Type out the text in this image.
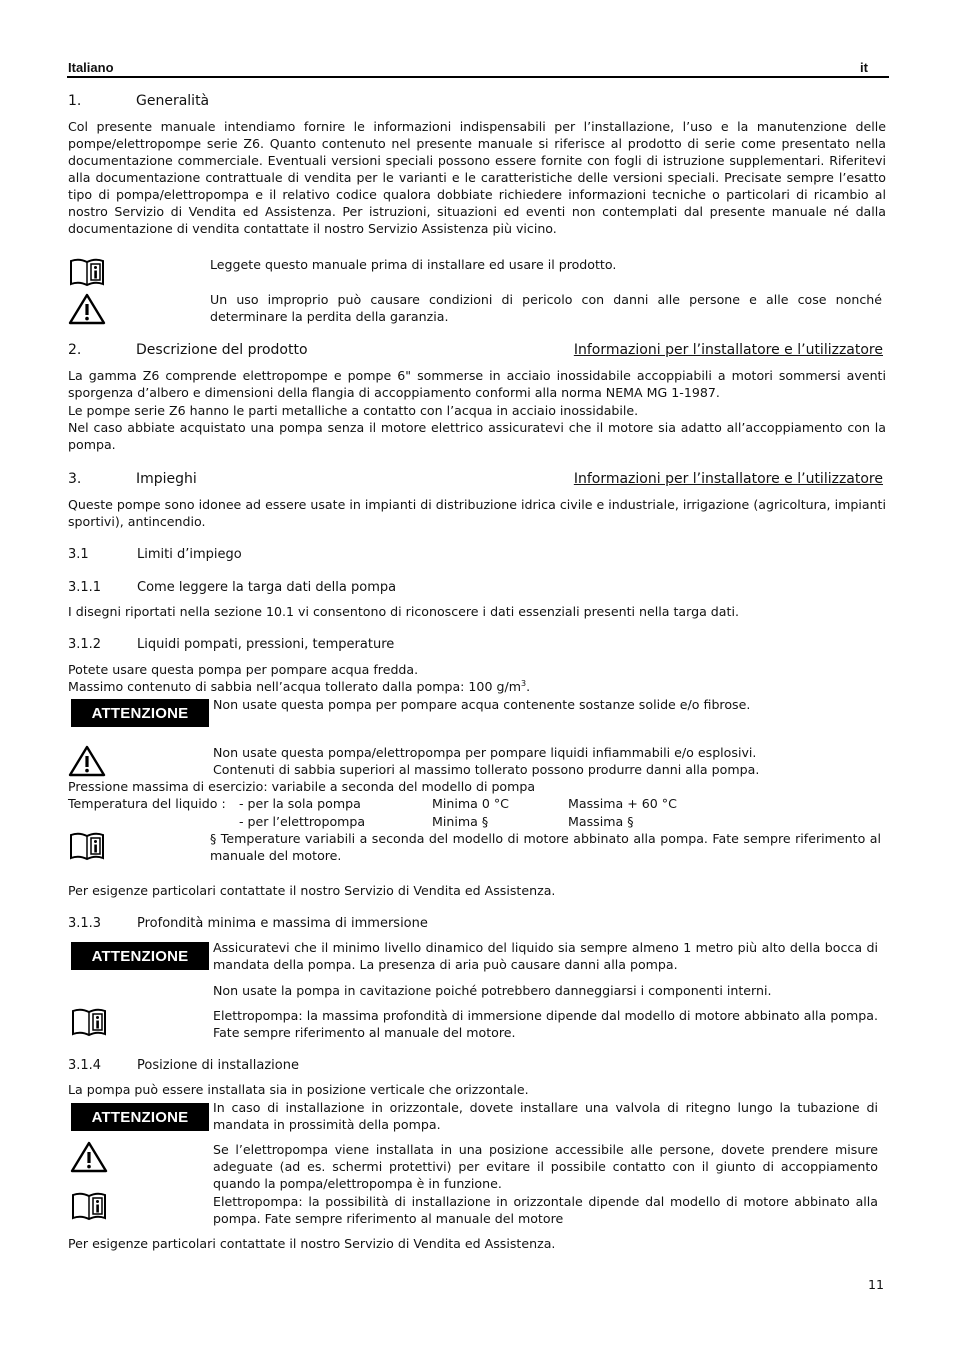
Italiano	it
1.	Generalità
Col presente manuale intendiamo fornire le informazioni indispensabili per l’installazione, l’uso e la manutenzione delle pompe/elettropompe serie Z6. Quanto contenuto nel presente manuale si riferisce al prodotto di serie come presentato nella documentazione commerciale. Eventuali versioni speciali possono essere fornite con fogli di istruzione supplementari. Riferitevi alla documentazione contrattuale di vendita per le varianti e le caratteristiche delle versioni speciali. Precisate sempre l’esatto tipo di pompa/elettropompa e il relativo codice qualora dobbiate richiedere informazioni tecniche o particolari di ricambio al nostro Servizio di Vendita ed Assistenza. Per istruzioni, situazioni ed eventi non contemplati dal presente manuale né dalla documentazione di vendita contattate il nostro Servizio Assistenza più vicino.
Leggete questo manuale prima di installare ed usare il prodotto.
Un uso improprio può causare condizioni di pericolo con danni alle persone e alle cose nonché determinare la perdita della garanzia.
2.	Descrizione del prodotto	Informazioni per l’installatore e l’utilizzatore
La gamma Z6 comprende elettropompe e pompe 6" sommerse in acciaio inossidabile accoppiabili a motori sommersi aventi sporgenza d’albero e dimensioni della flangia di accoppiamento conformi alla norma NEMA MG 1-1987.
Le pompe serie Z6 hanno le parti metalliche a contatto con l’acqua in acciaio inossidabile.
Nel caso abbiate acquistato una pompa senza il motore elettrico assicuratevi che il motore sia adatto all’accoppiamento con la pompa.
3.	Impieghi	Informazioni per l’installatore e l’utilizzatore
Queste pompe sono idonee ad essere usate in impianti di distribuzione idrica civile e industriale, irrigazione (agricoltura, impianti sportivi), antincendio.
3.1	Limiti d’impiego
3.1.1	Come leggere la targa dati della pompa
I disegni riportati nella sezione 10.1 vi consentono di riconoscere i dati essenziali presenti nella targa dati.
3.1.2	Liquidi pompati, pressioni, temperature
Potete usare questa pompa per pompare acqua fredda.
Massimo contenuto di sabbia nell’acqua tollerato dalla pompa: 100 $g/m^3$.
ATTENZIONE	Non usate questa pompa per pompare acqua contenente sostanze solide e/o fibrose.
Non usate questa pompa/elettropompa per pompare liquidi infiammabili e/o esplosivi.
Contenuti di sabbia superiori al massimo tollerato possono produrre danni alla pompa.
Pressione massima di esercizio: variabile a seconda del modello di pompa
Temperatura del liquido : - per la sola pompa	Minima 0 °C	Massima + 60 °C
- per l’elettropompa	Minima §	Massima §
§ Temperature variabili a seconda del modello di motore abbinato alla pompa. Fate sempre riferimento al manuale del motore.
Per esigenze particolari contattate il nostro Servizio di Vendita ed Assistenza.
3.1.3	Profondità minima e massima di immersione
ATTENZIONE	Assicuratevi che il minimo livello dinamico del liquido sia sempre almeno 1 metro più alto della bocca di mandata della pompa. La presenza di aria può causare danni alla pompa.
Non usate la pompa in cavitazione poiché potrebbero danneggiarsi i componenti interni.
Elettropompa: la massima profondità di immersione dipende dal modello di motore abbinato alla pompa. Fate sempre riferimento al manuale del motore.
3.1.4	Posizione di installazione
La pompa può essere installata sia in posizione verticale che orizzontale.
ATTENZIONE
In caso di installazione in orizzontale, dovete installare una valvola di ritegno lungo la tubazione di mandata in prossimità della pompa.
Se l’elettropompa viene installata in una posizione accessibile alle persone, dovete prendere misure adeguate (ad es. schermi protettivi) per evitare il possibile contatto con il giunto di accoppiamento quando la pompa/elettropompa è in funzione.
Elettropompa: la possibilità di installazione in orizzontale dipende dal modello di motore abbinato alla pompa. Fate sempre riferimento al manuale del motore
Per esigenze particolari contattate il nostro Servizio di Vendita ed Assistenza.
11
